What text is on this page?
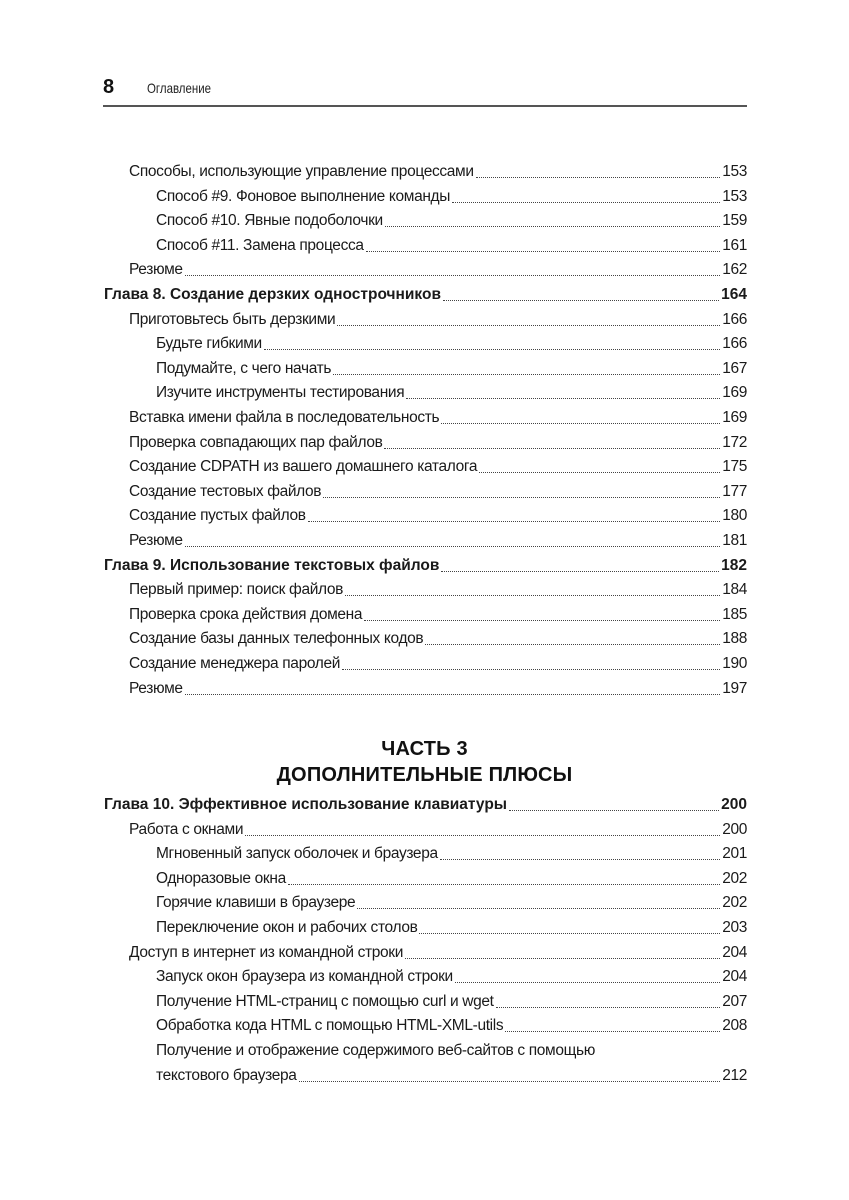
8 Оглавление
Способы, использующие управление процессами	153
Способ #9. Фоновое выполнение команды	153
Способ #10. Явные подоболочки	159
Способ #11. Замена процесса	161
Резюме	162
Глава 8. Создание дерзких однострочников	164
Приготовьтесь быть дерзкими	166
Будьте гибкими	166
Подумайте, с чего начать	167
Изучите инструменты тестирования	169
Вставка имени файла в последовательность	169
Проверка совпадающих пар файлов	172
Создание CDPATH из вашего домашнего каталога	175
Создание тестовых файлов	177
Создание пустых файлов	180
Резюме	181
Глава 9. Использование текстовых файлов	182
Первый пример: поиск файлов	184
Проверка срока действия домена	185
Создание базы данных телефонных кодов	188
Создание менеджера паролей	190
Резюме	197
ЧАСТЬ 3
ДОПОЛНИТЕЛЬНЫЕ ПЛЮСЫ
Глава 10. Эффективное использование клавиатуры	200
Работа с окнами	200
Мгновенный запуск оболочек и браузера	201
Одноразовые окна	202
Горячие клавиши в браузере	202
Переключение окон и рабочих столов	203
Доступ в интернет из командной строки	204
Запуск окон браузера из командной строки	204
Получение HTML-страниц с помощью curl и wget	207
Обработка кода HTML с помощью HTML-XML-utils	208
Получение и отображение содержимого веб-сайтов с помощью
текстового браузера	212
